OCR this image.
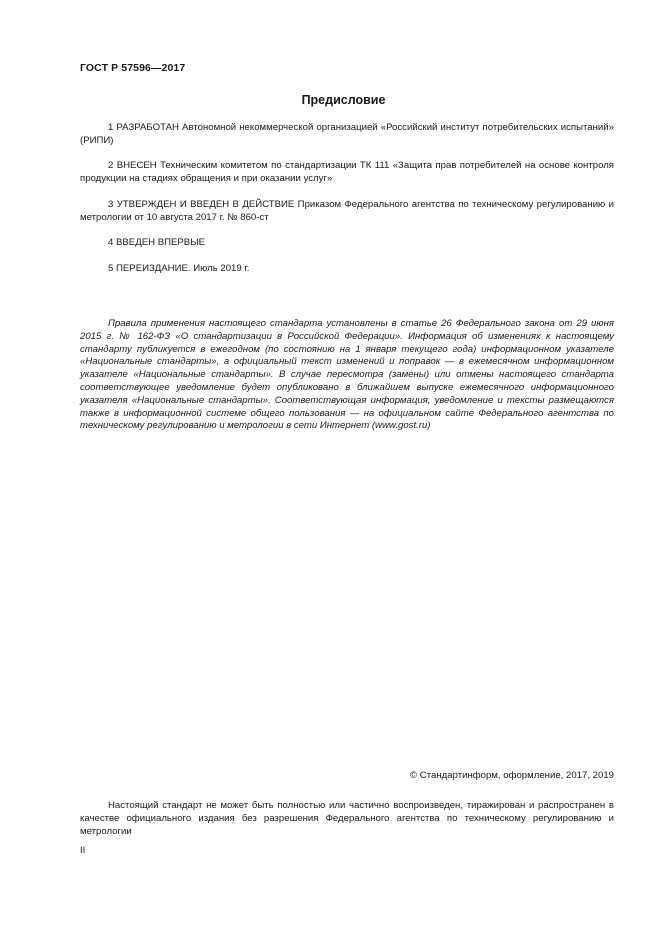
ГОСТ Р 57596—2017
Предисловие

1 РАЗРАБОТАН Автономной некоммерческой организацией «Российский институт потребительских испытаний» (РИПИ)

2 ВНЕСЕН Техническим комитетом по стандартизации ТК 111 «Защита прав потребителей на основе контроля продукции на стадиях обращения и при оказании услуг»

3 УТВЕРЖДЕН И ВВЕДЕН В ДЕЙСТВИЕ Приказом Федерального агентства по техническому регулированию и метрологии от 10 августа 2017 г. № 860-ст

4 ВВЕДЕН ВПЕРВЫЕ

5 ПЕРЕИЗДАНИЕ. Июль 2019 г.

Правила применения настоящего стандарта установлены в статье 26 Федерального закона от 29 июня 2015 г. № 162-ФЗ «О стандартизации в Российской Федерации». Информация об изменениях к настоящему стандарту публикуется в ежегодном (по состоянию на 1 января текущего года) информационном указателе «Национальные стандарты», а официальный текст изменений и поправок — в ежемесячном информационном указателе «Национальные стандарты». В случае пересмотра (замены) или отмены настоящего стандарта соответствующее уведомление будет опубликовано в ближайшем выпуске ежемесячного информационного указателя «Национальные стандарты». Соответствующая информация, уведомление и тексты размещаются также в информационной системе общего пользования — на официальном сайте Федерального агентства по техническому регулированию и метрологии в сети Интернет (www.gost.ru)

© Стандартинформ, оформление, 2017, 2019

Настоящий стандарт не может быть полностью или частично воспроизведен, тиражирован и распространен в качестве официального издания без разрешения Федерального агентства по техническому регулированию и метрологии

II
